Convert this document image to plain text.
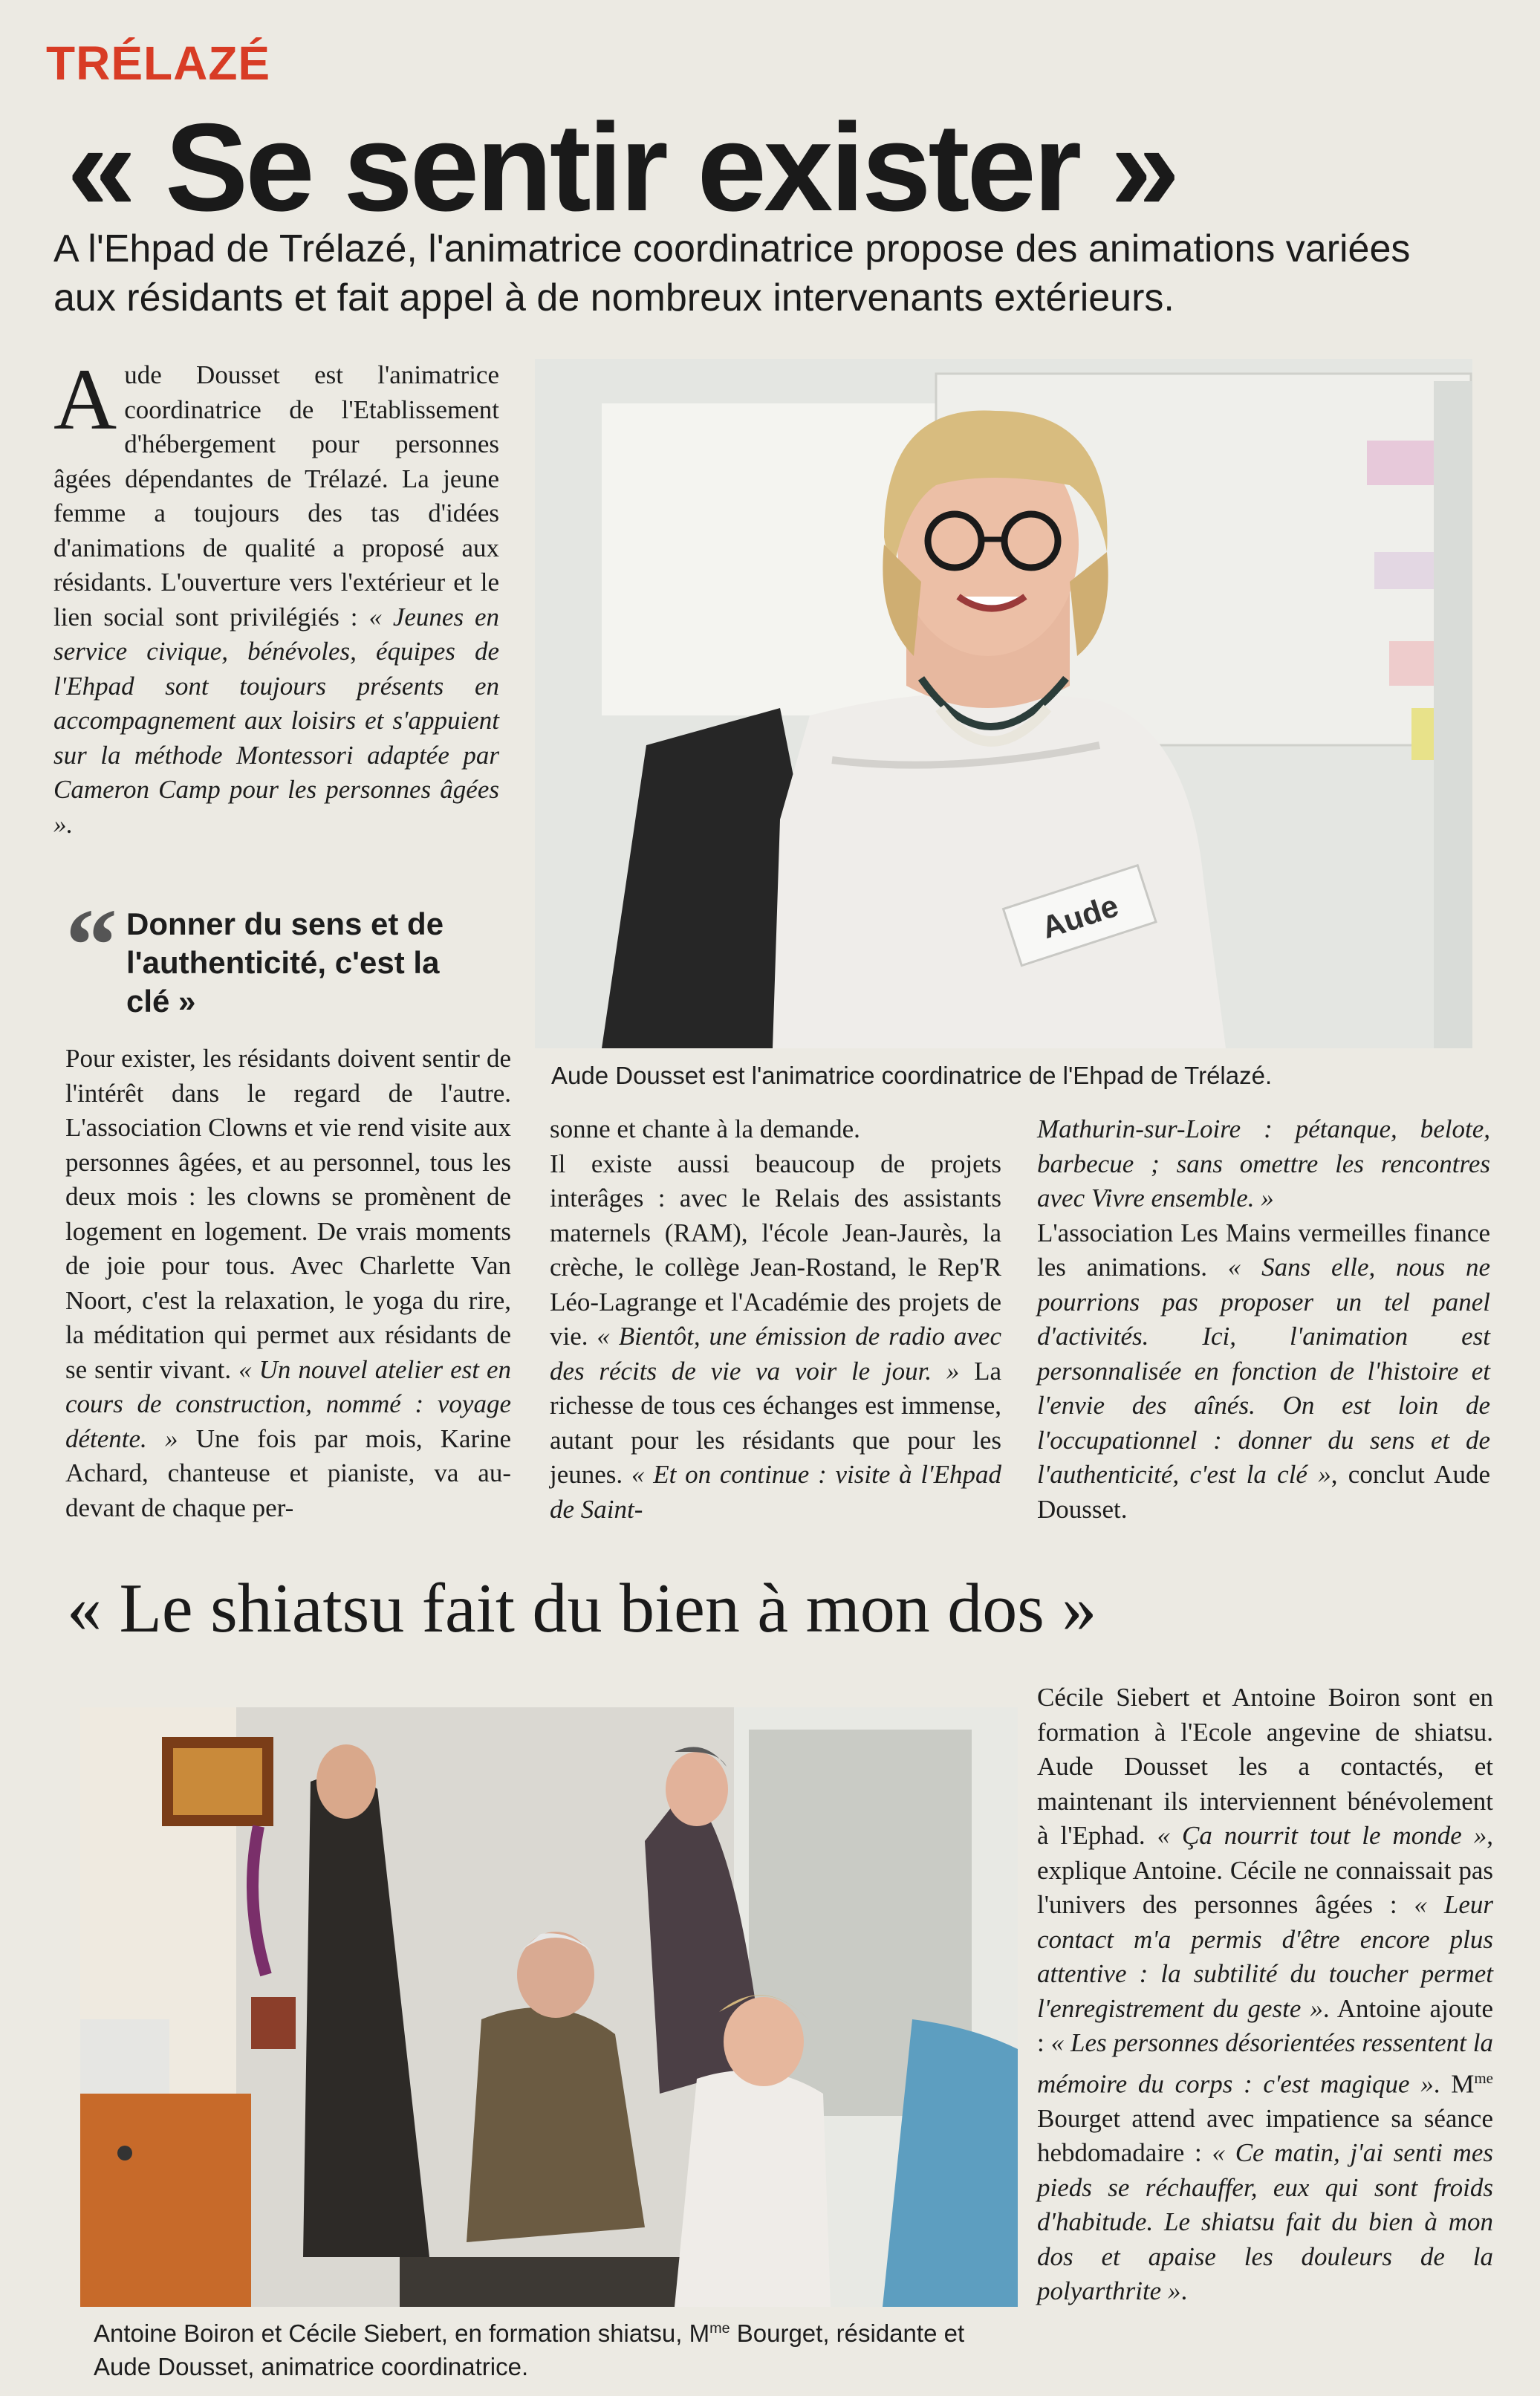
TRÉLAZÉ
« Se sentir exister »
A l'Ehpad de Trélazé, l'animatrice coordinatrice propose des animations variées aux résidants et fait appel à de nombreux intervenants extérieurs.

Aude Dousset est l'animatrice coordinatrice de l'Etablissement d'hébergement pour personnes âgées dépendantes de Trélazé. La jeune femme a toujours des tas d'idées d'animations de qualité a proposé aux résidants. L'ouverture vers l'extérieur et le lien social sont privilégiés : « Jeunes en service civique, bénévoles, équipes de l'Ehpad sont toujours présents en accompagnement aux loisirs et s'appuient sur la méthode Montessori adaptée par Cameron Camp pour les personnes âgées ».

“ Donner du sens et de l'authenticité, c'est la clé »

Pour exister, les résidants doivent sentir de l'intérêt dans le regard de l'autre. L'association Clowns et vie rend visite aux personnes âgées, et au personnel, tous les deux mois : les clowns se promènent de logement en logement. De vrais moments de joie pour tous. Avec Charlette Van Noort, c'est la relaxation, le yoga du rire, la méditation qui permet aux résidants de se sentir vivant. « Un nouvel atelier est en cours de construction, nommé : voyage détente. » Une fois par mois, Karine Achard, chanteuse et pianiste, va au-devant de chaque per-

sonne et chante à la demande.

Il existe aussi beaucoup de projets interâges : avec le Relais des assistants maternels (RAM), l'école Jean-Jaurès, la crèche, le collège Jean-Rostand, le Rep'R Léo-Lagrange et l'Académie des projets de vie. « Bientôt, une émission de radio avec des récits de vie va voir le jour. » La richesse de tous ces échanges est immense, autant pour les résidants que pour les jeunes. « Et on continue : visite à l'Ehpad de Saint-

Mathurin-sur-Loire : pétanque, belote, barbecue ; sans omettre les rencontres avec Vivre ensemble. »

L'association Les Mains vermeilles finance les animations. « Sans elle, nous ne pourrions pas proposer un tel panel d'activités. Ici, l'animation est personnalisée en fonction de l'histoire et l'envie des aînés. On est loin de l'occupationnel : donner du sens et de l'authenticité, c'est la clé », conclut Aude Dousset.

Aude
Aude Dousset est l'animatrice coordinatrice de l'Ehpad de Trélazé.
« Le shiatsu fait du bien à mon dos »
Antoine Boiron et Cécile Siebert, en formation shiatsu, $M^{me}$ Bourget, résidante et Aude Dousset, animatrice coordinatrice.

Cécile Siebert et Antoine Boiron sont en formation à l'Ecole angevine de shiatsu. Aude Dousset les a contactés, et maintenant ils interviennent bénévolement à l'Ephad. « Ça nourrit tout le monde », explique Antoine. Cécile ne connaissait pas l'univers des personnes âgées : « Leur contact m'a permis d'être encore plus attentive : la subtilité du toucher permet l'enregistrement du geste ». Antoine ajoute : « Les personnes désorientées ressentent la mémoire du corps : c'est magique ». $M^{me}$ Bourget attend avec impatience sa séance hebdomadaire : « Ce matin, j'ai senti mes pieds se réchauffer, eux qui sont froids d'habitude. Le shiatsu fait du bien à mon dos et apaise les douleurs de la polyarthrite ».
